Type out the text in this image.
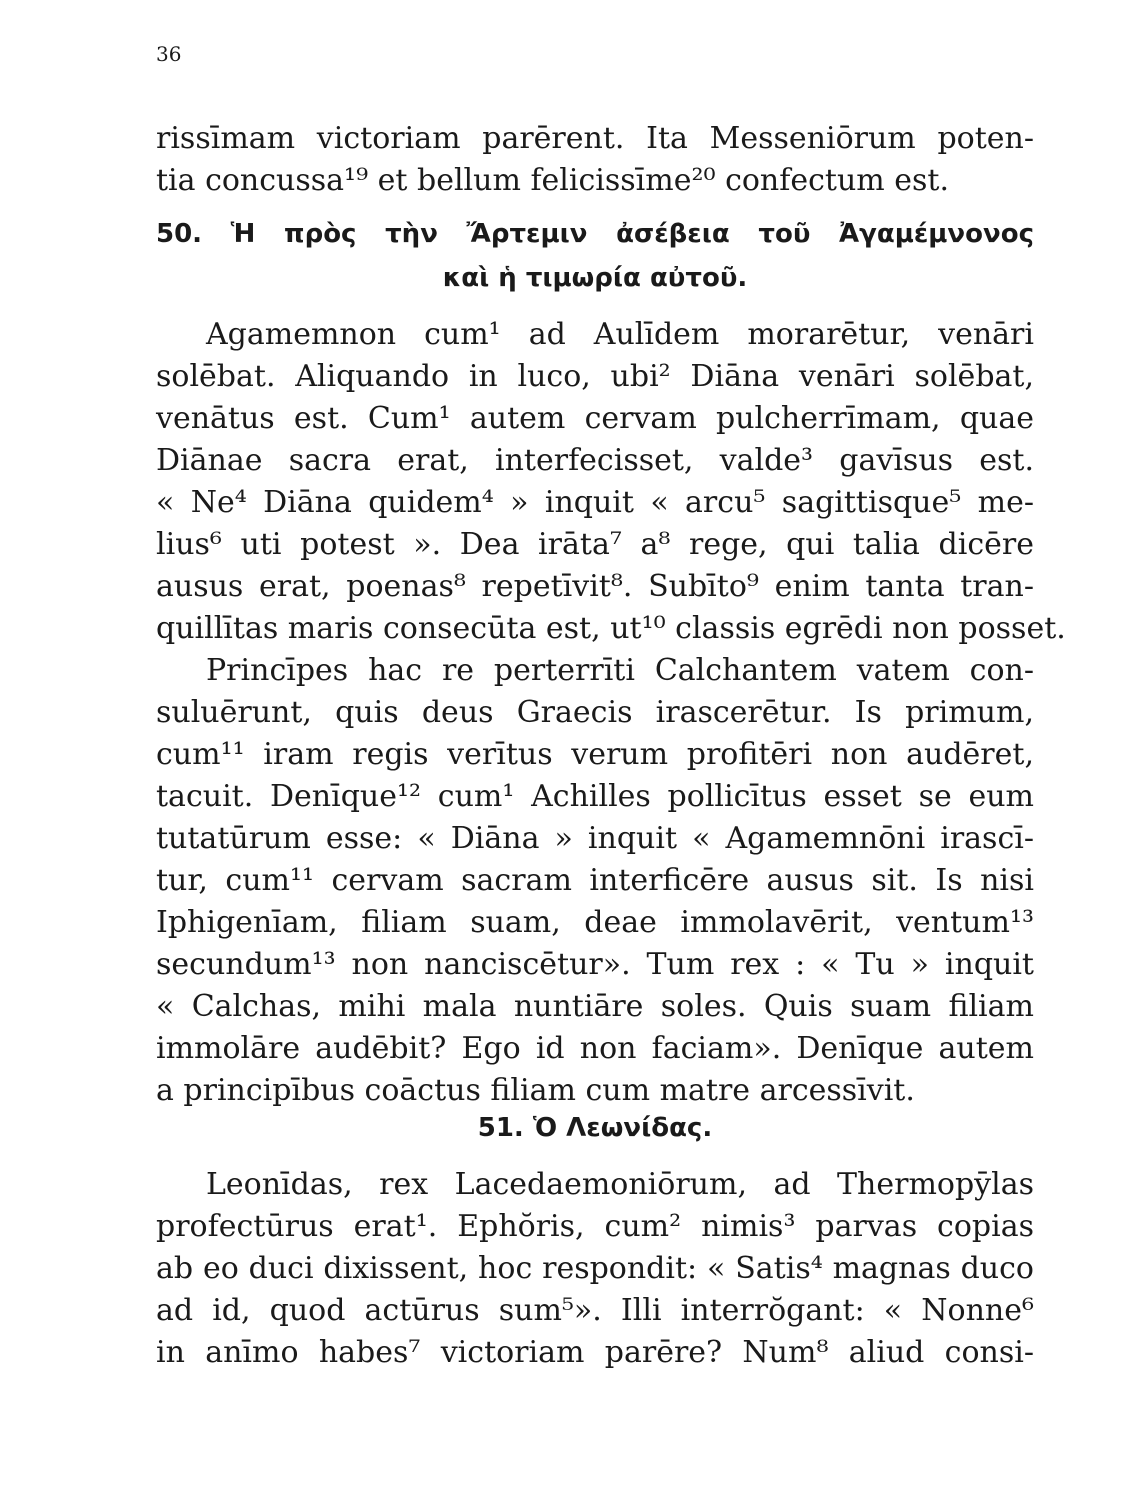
36
rissīmam victoriam parērent. Ita Messeniōrum poten-
tia concussa¹⁹ et bellum felicissīme²⁰ confectum est.
50. Ἡ πρὸς τὴν Ἄρτεμιν ἀσέβεια τοῦ Ἀγαμέμνονος
καὶ ἡ τιμωρία αὐτοῦ.
Agamemnon cum¹ ad Aulīdem morarētur, venāri
solēbat. Aliquando in luco, ubi² Diāna venāri solēbat,
venātus est. Cum¹ autem cervam pulcherrīmam, quae
Diānae sacra erat, interfecisset, valde³ gavīsus est.
« Ne⁴ Diāna quidem⁴ » inquit « arcu⁵ sagittisque⁵ me-
lius⁶ uti potest ». Dea irāta⁷ a⁸ rege, qui talia dicēre
ausus erat, poenas⁸ repetīvit⁸. Subīto⁹ enim tanta tran-
quillītas maris consecūta est, ut¹⁰ classis egrēdi non posset.
Princīpes hac re perterrīti Calchantem vatem con-
suluērunt, quis deus Graecis irascerētur. Is primum,
cum¹¹ iram regis verītus verum profitēri non audēret,
tacuit. Denīque¹² cum¹ Achilles pollicītus esset se eum
tutatūrum esse: « Diāna » inquit « Agamemnōni irascī-
tur, cum¹¹ cervam sacram interficēre ausus sit. Is nisi
Iphigenīam, filiam suam, deae immolavērit, ventum¹³
secundum¹³ non nanciscētur». Tum rex : « Tu » inquit
« Calchas, mihi mala nuntiāre soles. Quis suam filiam
immolāre audēbit? Ego id non faciam». Denīque autem
a principībus coāctus filiam cum matre arcessīvit.
51. Ὁ Λεωνίδας.
Leonīdas, rex Lacedaemoniōrum, ad Thermopȳlas
profectūrus erat¹. Ephŏris, cum² nimis³ parvas copias
ab eo duci dixissent, hoc respondit: « Satis⁴ magnas duco
ad id, quod actūrus sum⁵». Illi interrŏgant: « Nonne⁶
in anīmo habes⁷ victoriam parēre? Num⁸ aliud consi-
